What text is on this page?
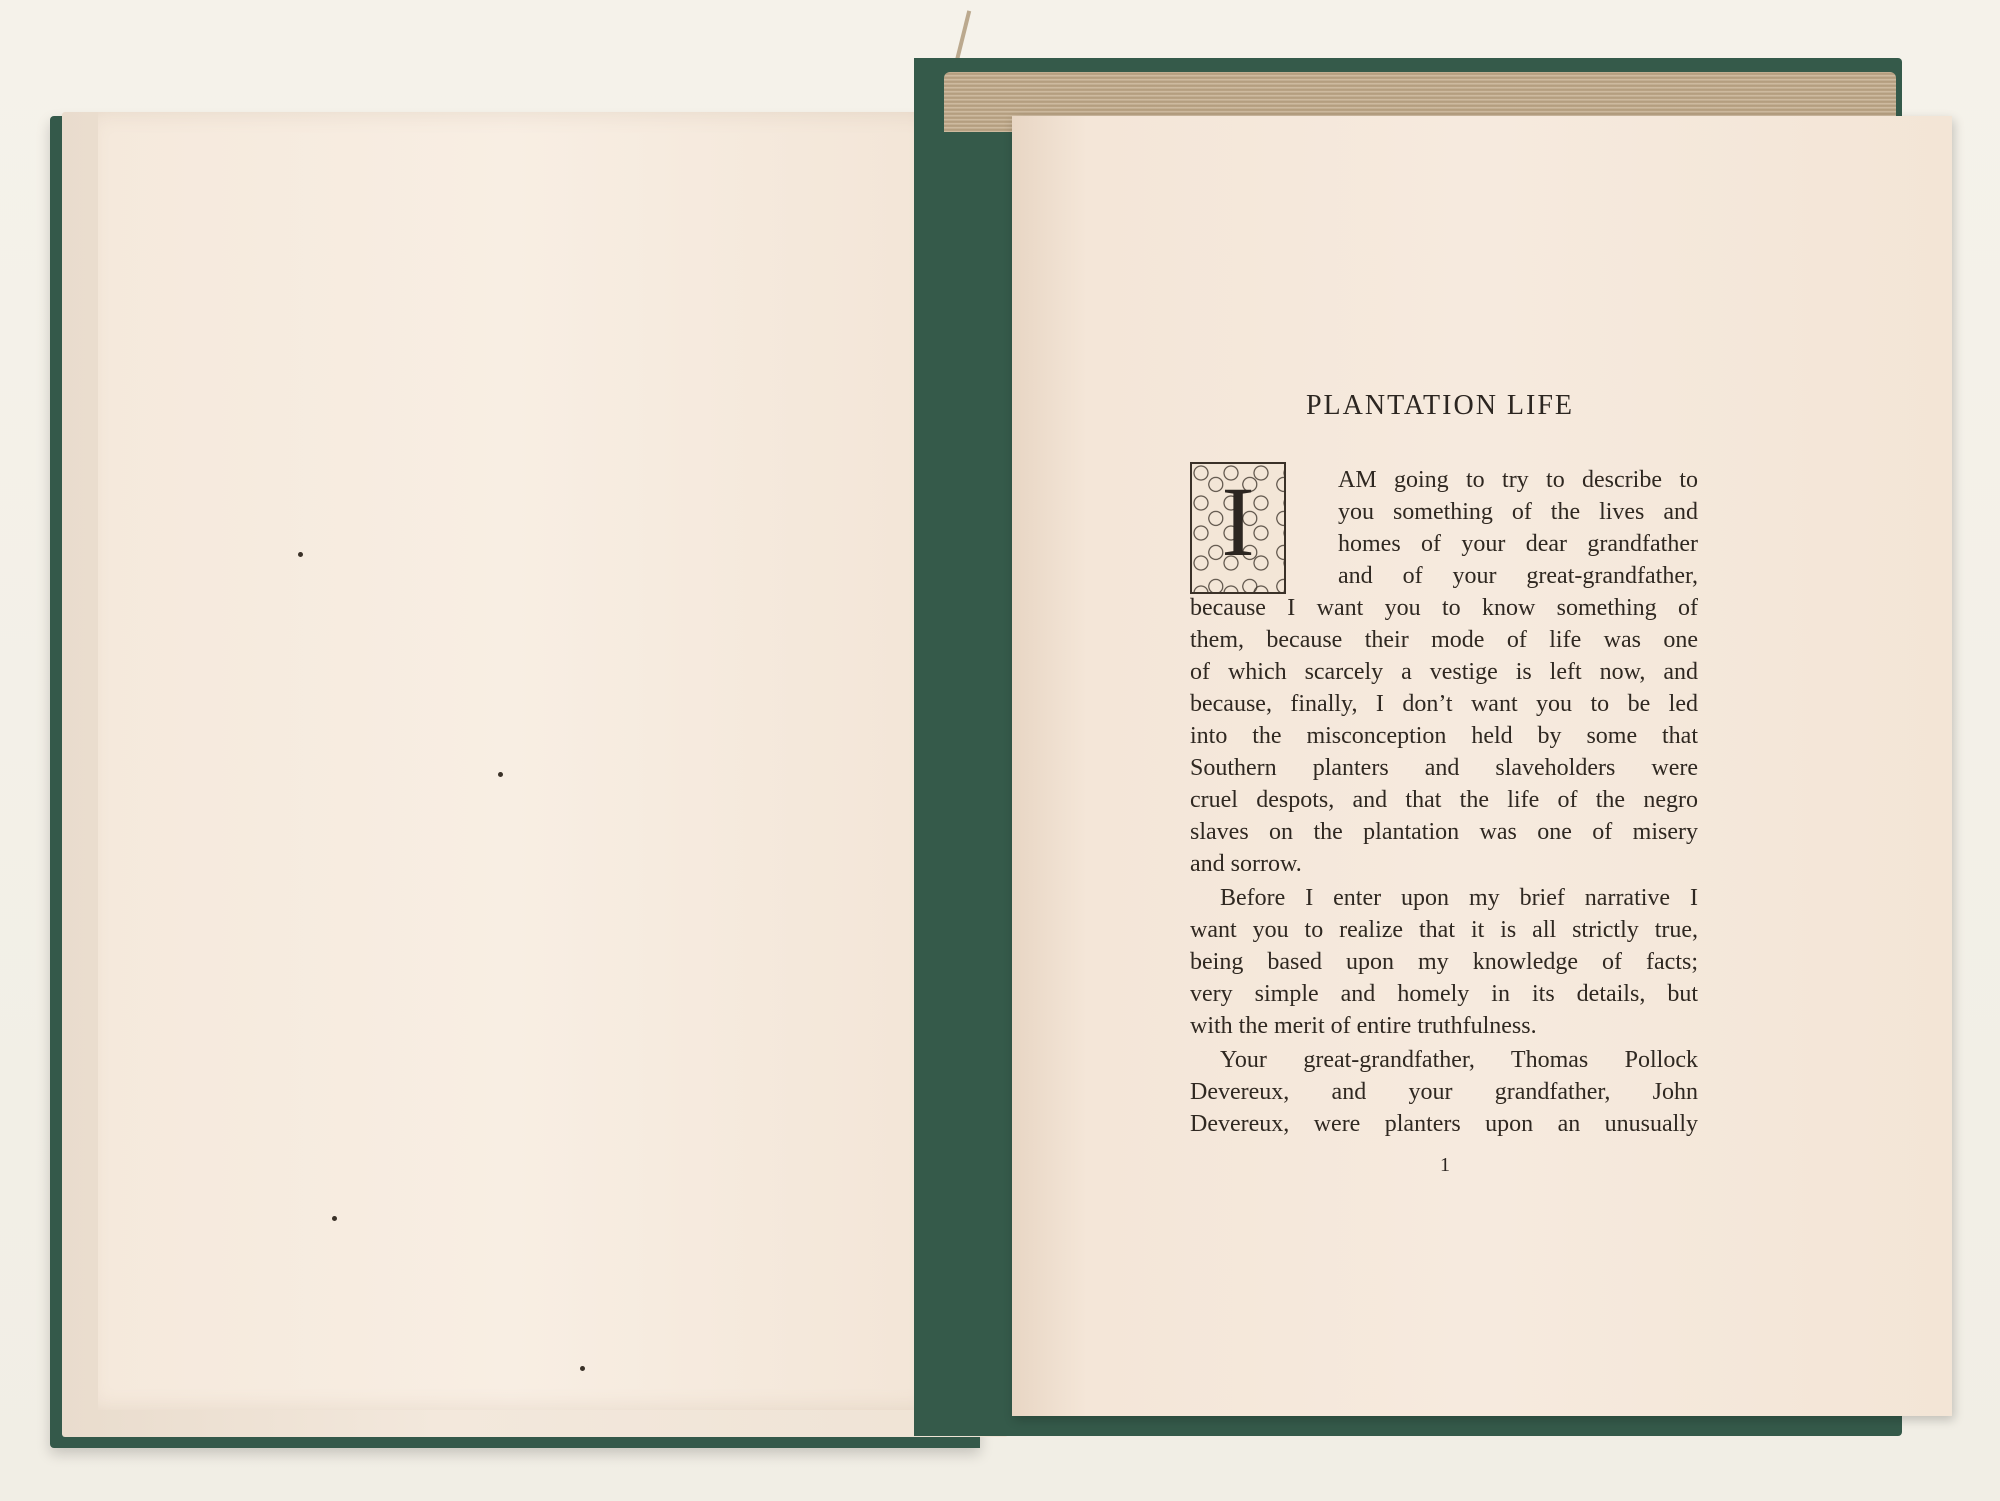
PLANTATION LIFE
I	AM going to try to describe to
you something of the lives and
homes of your dear grandfather
and of your great-grandfather,
because I want you to know something of
them, because their mode of life was one
of which scarcely a vestige is left now, and
because, finally, I don’t want you to be led
into the misconception held by some that
Southern planters and slaveholders were
cruel despots, and that the life of the negro
slaves on the plantation was one of misery
and sorrow.
Before I enter upon my brief narrative I
want you to realize that it is all strictly true,
being based upon my knowledge of facts;
very simple and homely in its details, but
with the merit of entire truthfulness.
Your great-grandfather, Thomas Pollock
Devereux, and your grandfather, John
Devereux, were planters upon an unusually
1
